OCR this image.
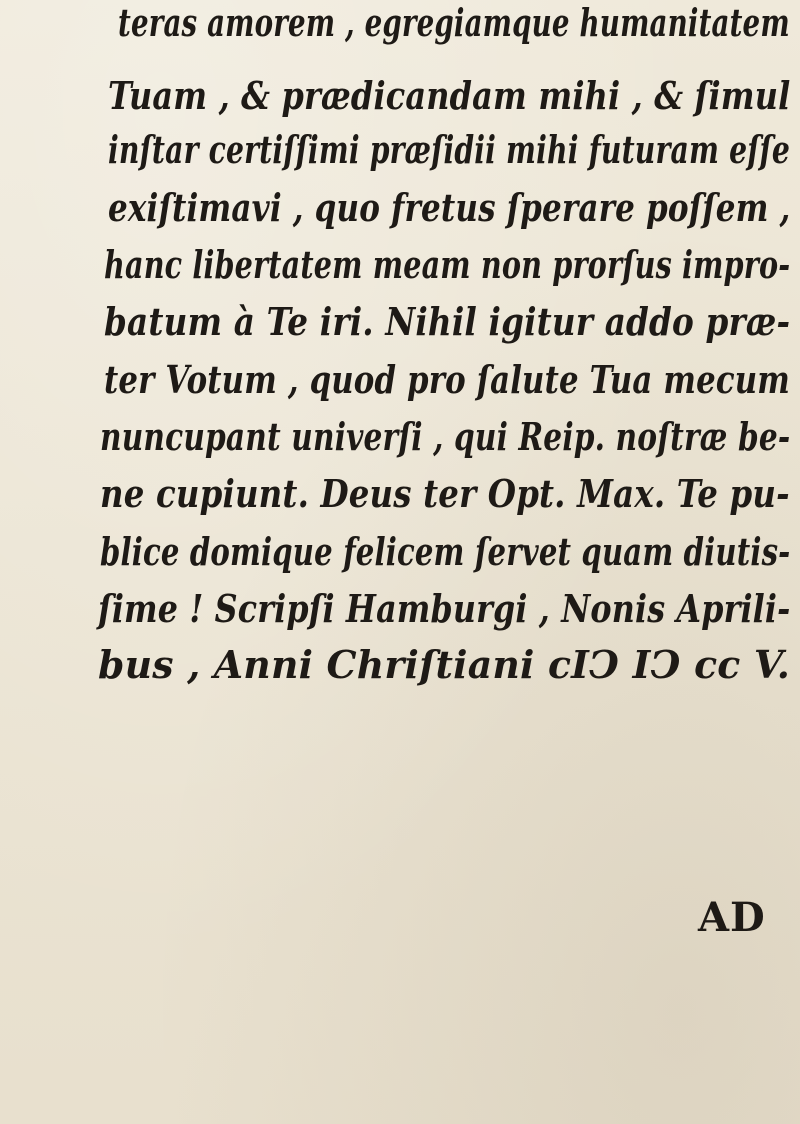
teras amorem , egregiamque humanitatem
Tuam , & prædicandam mihi , & ſimul
inſtar certiſſimi præſidii mihi futuram eſſe
exiſtimavi , quo fretus ſperare poſſem ,
hanc libertatem meam non prorſus impro-
batum à Te iri. Nihil igitur addo præ-
ter Votum , quod pro ſalute Tua mecum
nuncupant univerſi , qui Reip. noſtræ be-
ne cupiunt. Deus ter Opt. Max. Te pu-
blice domique felicem ſervet quam diutis-
ſime ! Scripſi Hamburgi , Nonis Aprili-
bus , Anni Chriſtiani cIↃ IↃ cc V.
AD
